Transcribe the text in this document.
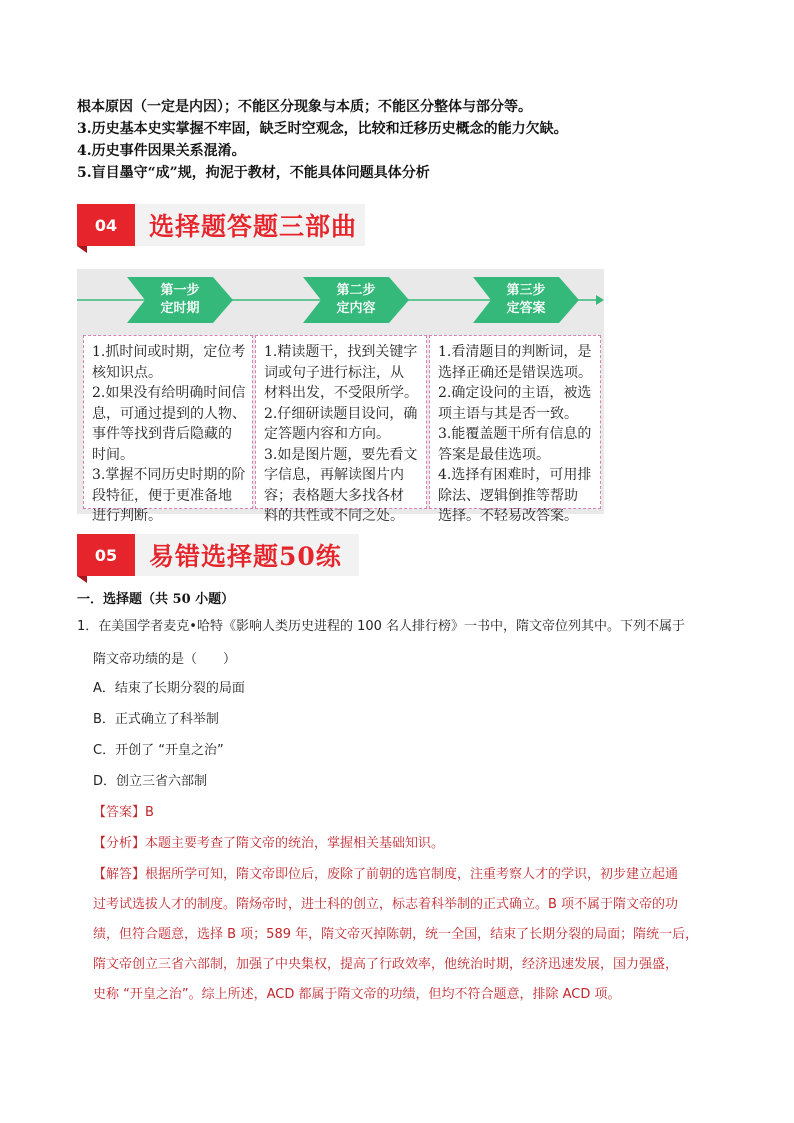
根本原因（一定是内因）；不能区分现象与本质；不能区分整体与部分等。
3.历史基本史实掌握不牢固，缺乏时空观念，比较和迁移历史概念的能力欠缺。
4.历史事件因果关系混淆。
5.盲目墨守“成”规，拘泥于教材，不能具体问题具体分析
04	选择题答题三部曲
第一步
定时期
第二步
定内容
第三步
定答案
1.抓时间或时期，定位考
核知识点。
2.如果没有给明确时间信
息，可通过提到的人物、
事件等找到背后隐藏的
时间。
3.掌握不同历史时期的阶
段特征，便于更准备地
进行判断。
1.精读题干，找到关键字
词或句子进行标注，从
材料出发，不受限所学。
2.仔细研读题目设问，确
定答题内容和方向。
3.如是图片题，要先看文
字信息，再解读图片内
容；表格题大多找各材
料的共性或不同之处。
1.看清题目的判断词，是
选择正确还是错误选项。
2.确定设问的主语，被选
项主语与其是否一致。
3.能覆盖题干所有信息的
答案是最佳选项。
4.选择有困难时，可用排
除法、逻辑倒推等帮助
选择。不轻易改答案。
05	易错选择题50练
一．选择题（共 50 小题）
1．在美国学者麦克•哈特《影响人类历史进程的 100 名人排行榜》一书中，隋文帝位列其中。下列不属于
隋文帝功绩的是（　　）
A．结束了长期分裂的局面
B．正式确立了科举制
C．开创了 “开皇之治”
D．创立三省六部制
【答案】B
【分析】本题主要考查了隋文帝的统治，掌握相关基础知识。
【解答】根据所学可知，隋文帝即位后，废除了前朝的选官制度，注重考察人才的学识，初步建立起通
过考试选拔人才的制度。隋炀帝时，进士科的创立，标志着科举制的正式确立。B 项不属于隋文帝的功
绩，但符合题意，选择 B 项；589 年，隋文帝灭掉陈朝，统一全国，结束了长期分裂的局面；隋统一后，
隋文帝创立三省六部制，加强了中央集权，提高了行政效率，他统治时期，经济迅速发展，国力强盛，
史称 “开皇之治”。综上所述，ACD 都属于隋文帝的功绩，但均不符合题意，排除 ACD 项。
